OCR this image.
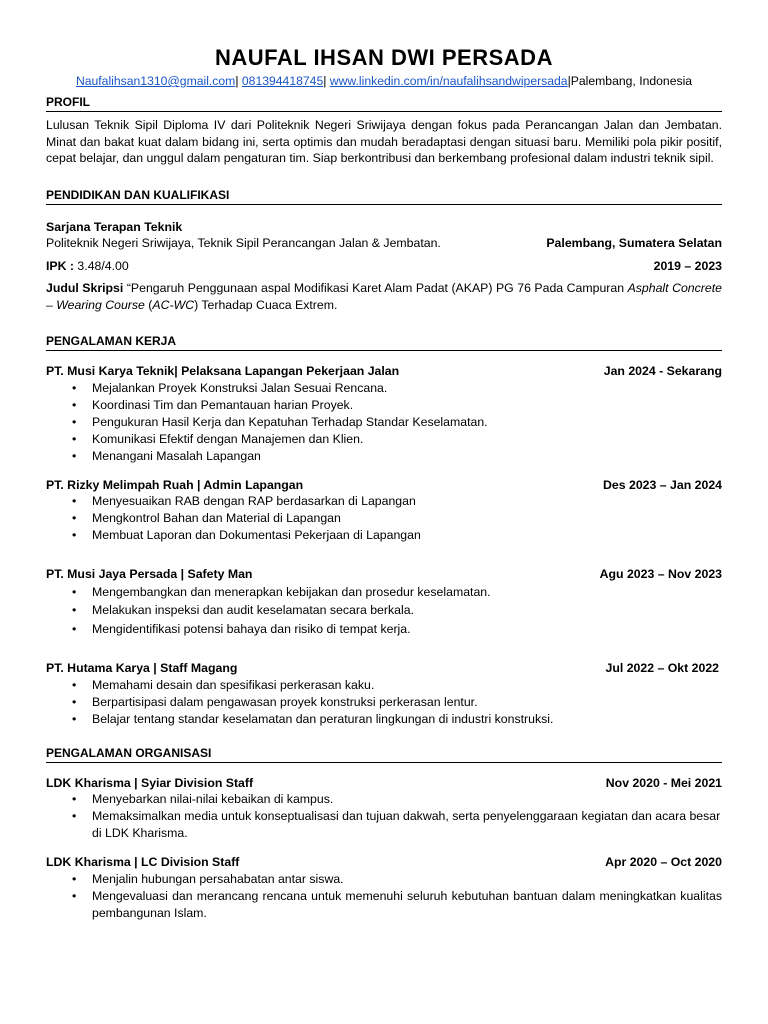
NAUFAL IHSAN DWI PERSADA
Naufalihsan1310@gmail.com| 081394418745| www.linkedin.com/in/naufalihsandwipersada|Palembang, Indonesia
PROFIL
Lulusan Teknik Sipil Diploma IV dari Politeknik Negeri Sriwijaya dengan fokus pada Perancangan Jalan dan Jembatan. Minat dan bakat kuat dalam bidang ini, serta optimis dan mudah beradaptasi dengan situasi baru. Memiliki pola pikir positif, cepat belajar, dan unggul dalam pengaturan tim. Siap berkontribusi dan berkembang profesional dalam industri teknik sipil.
PENDIDIKAN DAN KUALIFIKASI
Sarjana Terapan Teknik
Politeknik Negeri Sriwijaya, Teknik Sipil Perancangan Jalan & Jembatan.	Palembang, Sumatera Selatan
IPK : 3.48/4.00	2019 – 2023
Judul Skripsi “Pengaruh Penggunaan aspal Modifikasi Karet Alam Padat (AKAP) PG 76 Pada Campuran Asphalt Concrete – Wearing Course (AC-WC) Terhadap Cuaca Extrem.
PENGALAMAN KERJA
PT. Musi Karya Teknik| Pelaksana Lapangan Pekerjaan Jalan	Jan 2024 - Sekarang
• Mejalankan Proyek Konstruksi Jalan Sesuai Rencana.
• Koordinasi Tim dan Pemantauan harian Proyek.
• Pengukuran Hasil Kerja dan Kepatuhan Terhadap Standar Keselamatan.
• Komunikasi Efektif dengan Manajemen dan Klien.
• Menangani Masalah Lapangan
PT. Rizky Melimpah Ruah | Admin Lapangan	Des 2023 – Jan 2024
• Menyesuaikan RAB dengan RAP berdasarkan di Lapangan
• Mengkontrol Bahan dan Material di Lapangan
• Membuat Laporan dan Dokumentasi Pekerjaan di Lapangan
PT. Musi Jaya Persada | Safety Man	Agu 2023 – Nov 2023
• Mengembangkan dan menerapkan kebijakan dan prosedur keselamatan.
• Melakukan inspeksi dan audit keselamatan secara berkala.
• Mengidentifikasi potensi bahaya dan risiko di tempat kerja.
PT. Hutama Karya | Staff Magang	Jul 2022 – Okt 2022
• Memahami desain dan spesifikasi perkerasan kaku.
• Berpartisipasi dalam pengawasan proyek konstruksi perkerasan lentur.
• Belajar tentang standar keselamatan dan peraturan lingkungan di industri konstruksi.
PENGALAMAN ORGANISASI
LDK Kharisma | Syiar Division Staff	Nov 2020 - Mei 2021
• Menyebarkan nilai-nilai kebaikan di kampus.
• Memaksimalkan media untuk konseptualisasi dan tujuan dakwah, serta penyelenggaraan kegiatan dan acara besar di LDK Kharisma.
LDK Kharisma | LC Division Staff	Apr 2020 – Oct 2020
• Menjalin hubungan persahabatan antar siswa.
• Mengevaluasi dan merancang rencana untuk memenuhi seluruh kebutuhan bantuan dalam meningkatkan kualitas pembangunan Islam.
